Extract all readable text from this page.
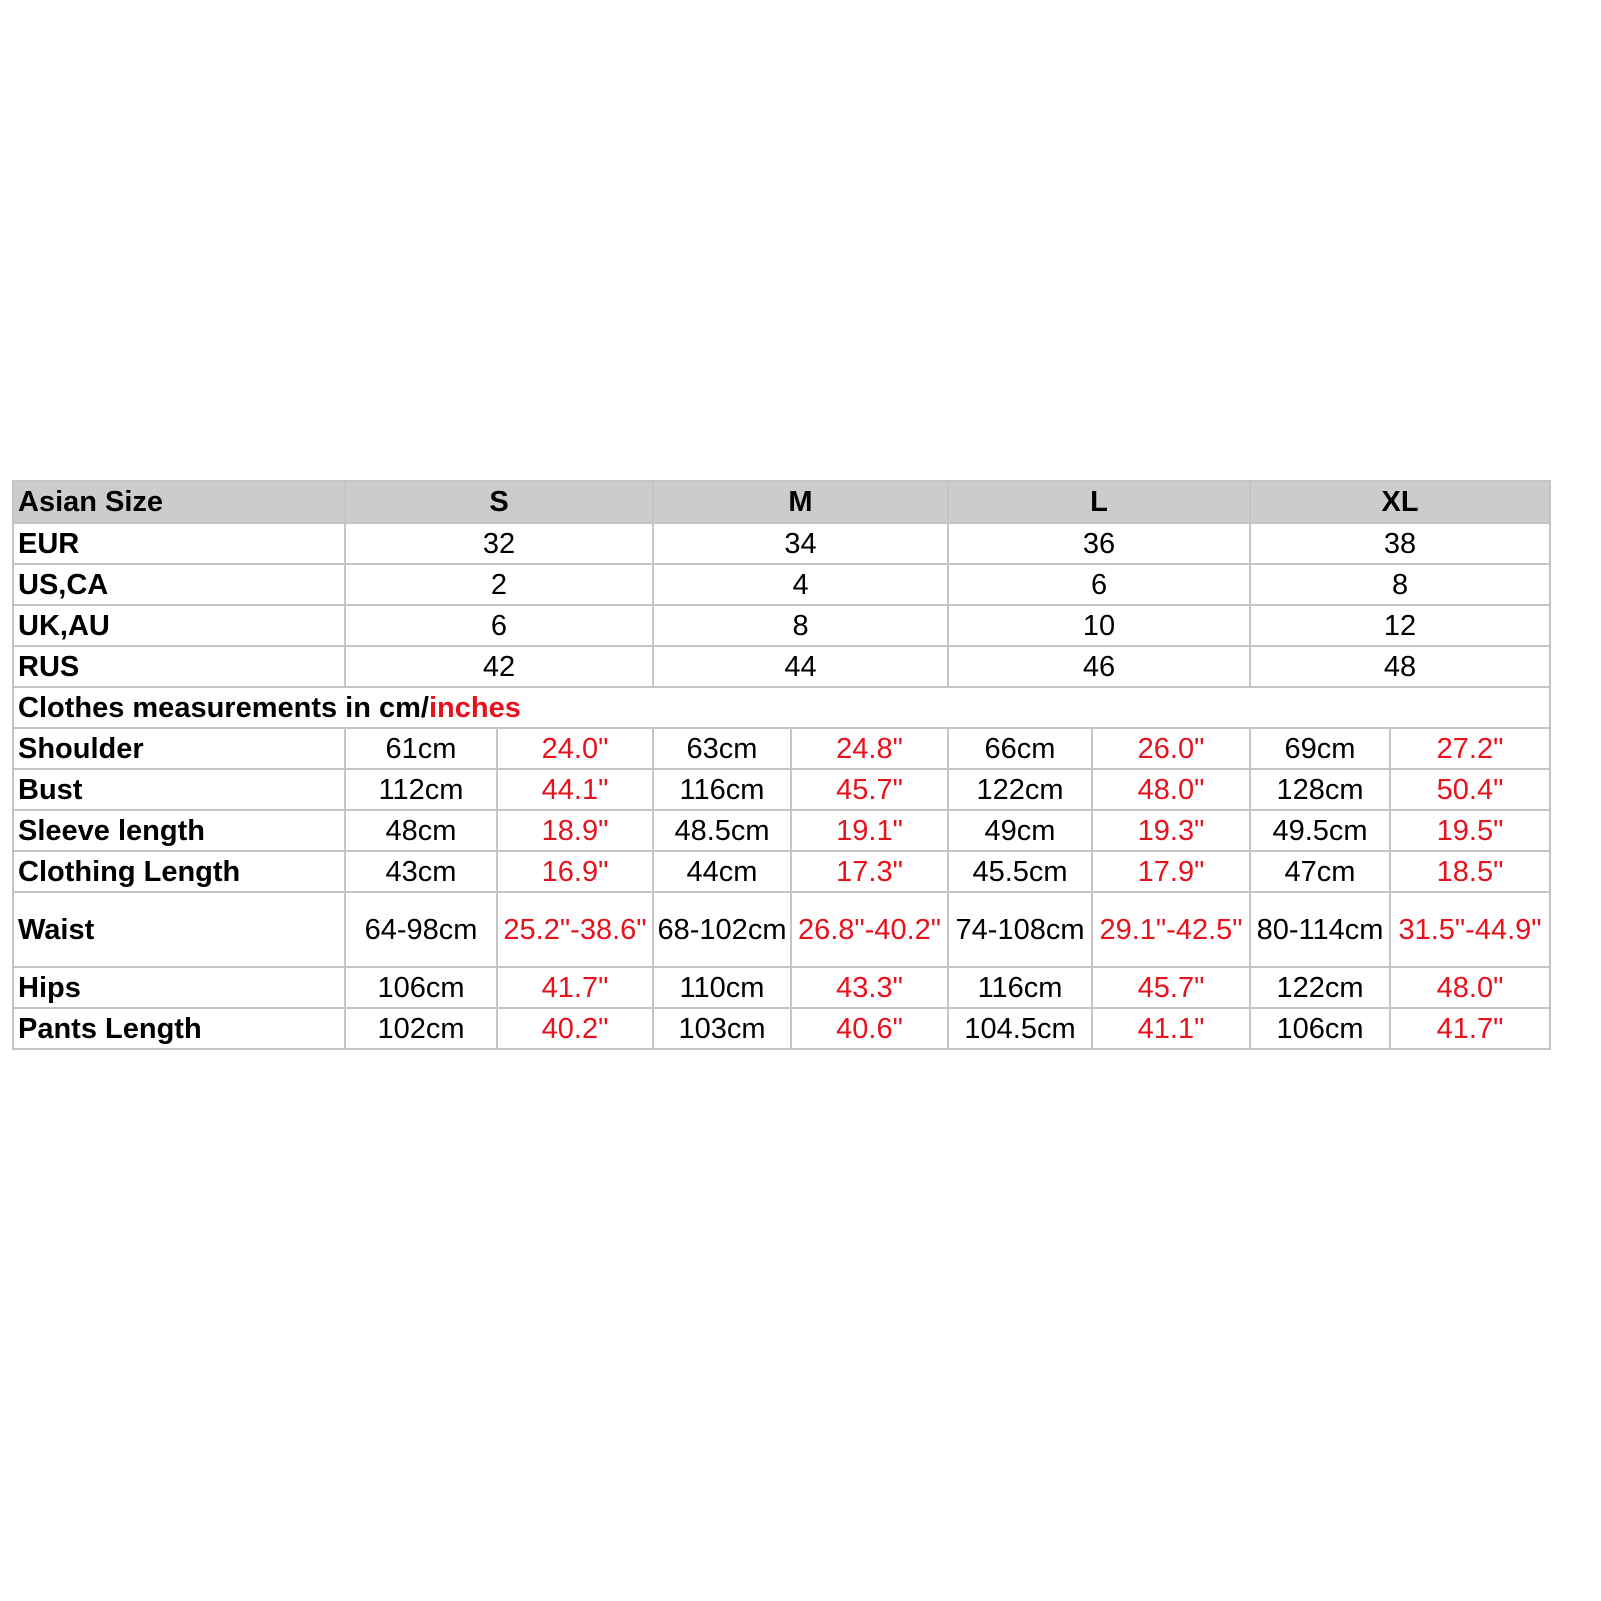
Asian Size	S		M		L		XL	
EUR	32		34		36		38	
US,CA	2		4		6		8	
UK,AU	6		8		10		12	
RUS	42		44		46		48	
Clothes measurements in cm/inches								
Shoulder	61cm	24.0"	63cm	24.8"	66cm	26.0"	69cm	27.2"
Bust	112cm	44.1"	116cm	45.7"	122cm	48.0"	128cm	50.4"
Sleeve length	48cm	18.9"	48.5cm	19.1"	49cm	19.3"	49.5cm	19.5"
Clothing Length	43cm	16.9"	44cm	17.3"	45.5cm	17.9"	47cm	18.5"
Waist	64-98cm	25.2"-38.6"	68-102cm	26.8"-40.2"	74-108cm	29.1"-42.5"	80-114cm	31.5"-44.9"
Hips	106cm	41.7"	110cm	43.3"	116cm	45.7"	122cm	48.0"
Pants Length	102cm	40.2"	103cm	40.6"	104.5cm	41.1"	106cm	41.7"
